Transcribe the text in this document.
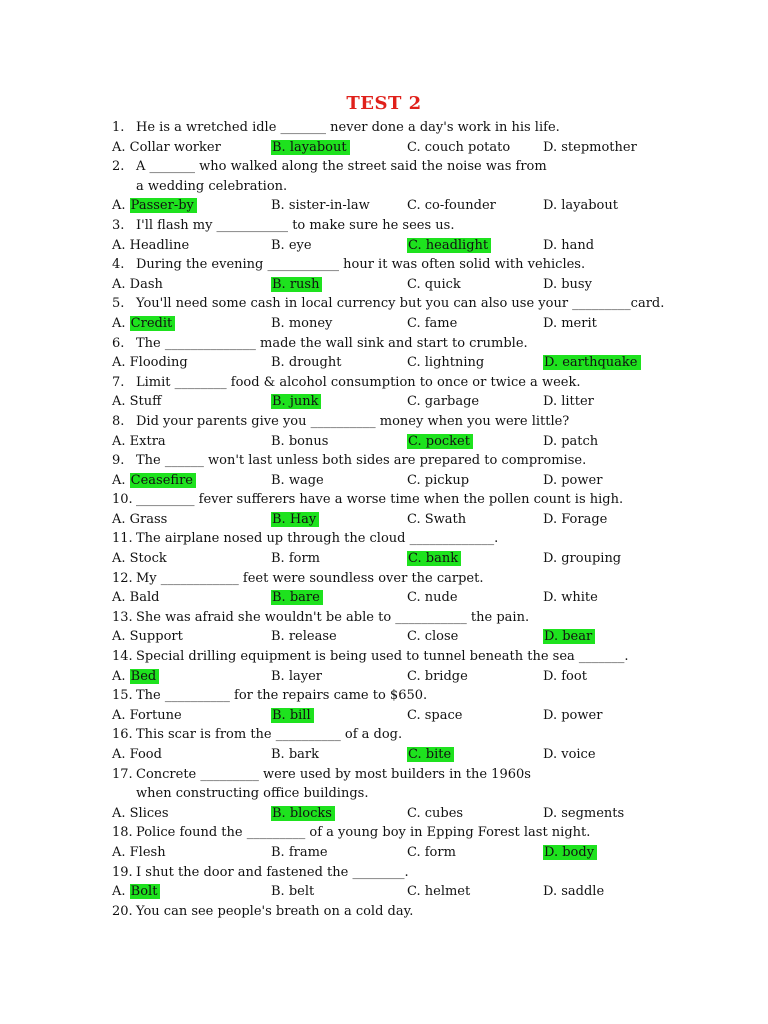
TEST 2
1. He is a wretched idle _______ never done a day's work in his life.
A. Collar worker	B. layabout	C. couch potato	D. stepmother
2. A _______ who walked along the street said the noise was from
a wedding celebration.
A. Passer-by	B. sister-in-law	C. co-founder	D. layabout
3. I'll flash my ___________ to make sure he sees us.
A. Headline	B. eye	C. headlight	D. hand
4. During the evening ___________ hour it was often solid with vehicles.
A. Dash	B. rush	C. quick	D. busy
5. You'll need some cash in local currency but you can also use your _________card.
A. Credit	B. money	C. fame	D. merit
6. The ______________ made the wall sink and start to crumble.
A. Flooding	B. drought	C. lightning	D. earthquake
7. Limit ________ food & alcohol consumption to once or twice a week.
A. Stuff	B. junk	C. garbage	D. litter
8. Did your parents give you __________ money when you were little?
A. Extra	B. bonus	C. pocket	D. patch
9. The ______ won't last unless both sides are prepared to compromise.
A. Ceasefire	B. wage	C. pickup	D. power
10. _________ fever sufferers have a worse time when the pollen count is high.
A. Grass	B. Hay	C. Swath	D. Forage
11. The airplane nosed up through the cloud _____________.
A. Stock	B. form	C. bank	D. grouping
12. My ____________ feet were soundless over the carpet.
A. Bald	B. bare	C. nude	D. white
13. She was afraid she wouldn't be able to ___________ the pain.
A. Support	B. release	C. close	D. bear
14. Special drilling equipment is being used to tunnel beneath the sea _______.
A. Bed	B. layer	C. bridge	D. foot
15. The __________ for the repairs came to $650.
A. Fortune	B. bill	C. space	D. power
16. This scar is from the __________ of a dog.
A. Food	B. bark	C. bite	D. voice
17. Concrete _________ were used by most builders in the 1960s
when constructing office buildings.
A. Slices	B. blocks	C. cubes	D. segments
18. Police found the _________ of a young boy in Epping Forest last night.
A. Flesh	B. frame	C. form	D. body
19. I shut the door and fastened the ________.
A. Bolt	B. belt	C. helmet	D. saddle
20. You can see people's breath on a cold day.
